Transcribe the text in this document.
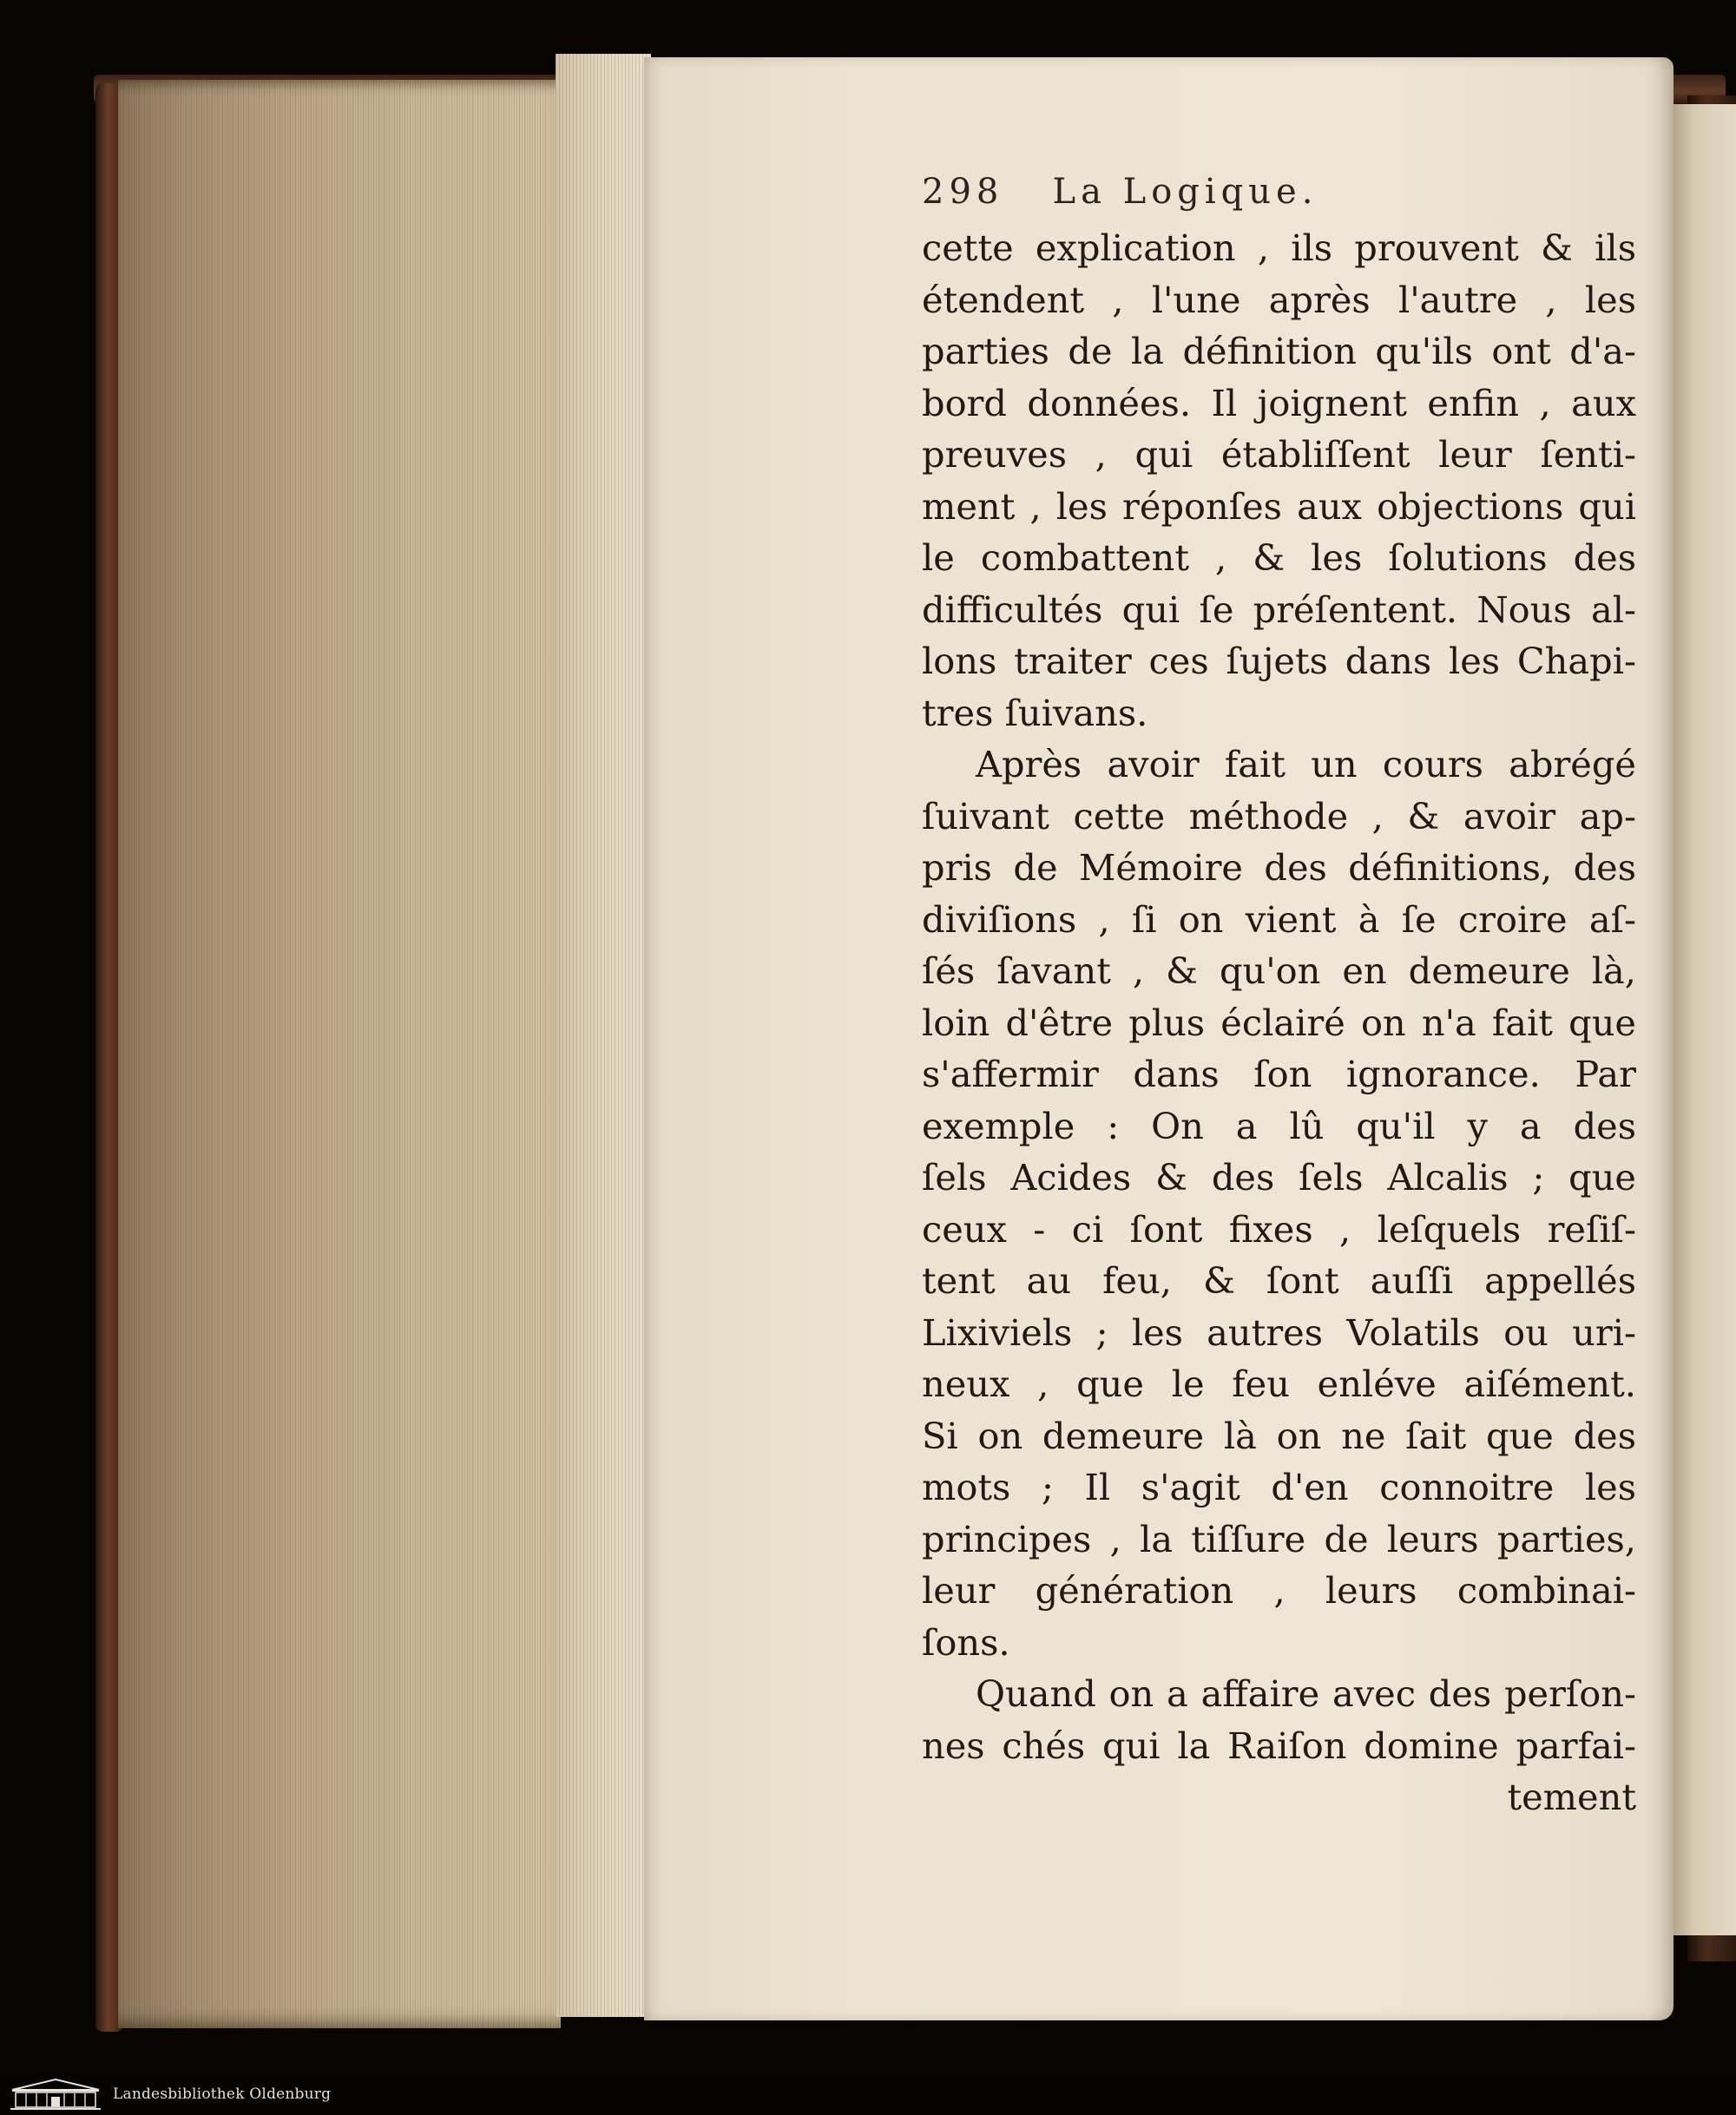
298 La Logique.
cette explication , ils prouvent & ils
étendent , l'une après l'autre , les
parties de la définition qu'ils ont d'a-
bord données. Il joignent enfin , aux
preuves , qui établiſſent leur ſenti-
ment , les réponſes aux objections qui
le combattent , & les ſolutions des
difficultés qui ſe préſentent. Nous al-
lons traiter ces ſujets dans les Chapi-
tres ſuivans.
Après avoir fait un cours abrégé
ſuivant cette méthode , & avoir ap-
pris de Mémoire des définitions, des
diviſions , ſi on vient à ſe croire aſ-
ſés ſavant , & qu'on en demeure là,
loin d'être plus éclairé on n'a fait que
s'affermir dans ſon ignorance. Par
exemple : On a lû qu'il y a des
ſels Acides & des ſels Alcalis ; que
ceux - ci ſont fixes , leſquels reſiſ-
tent au feu, & ſont auſſi appellés
Lixiviels ; les autres Volatils ou uri-
neux , que le feu enléve aiſément.
Si on demeure là on ne ſait que des
mots ; Il s'agit d'en connoitre les
principes , la tiſſure de leurs parties,
leur génération , leurs combinai-
ſons.
Quand on a affaire avec des perſon-
nes chés qui la Raiſon domine parfai-
tement
Landesbibliothek Oldenburg
